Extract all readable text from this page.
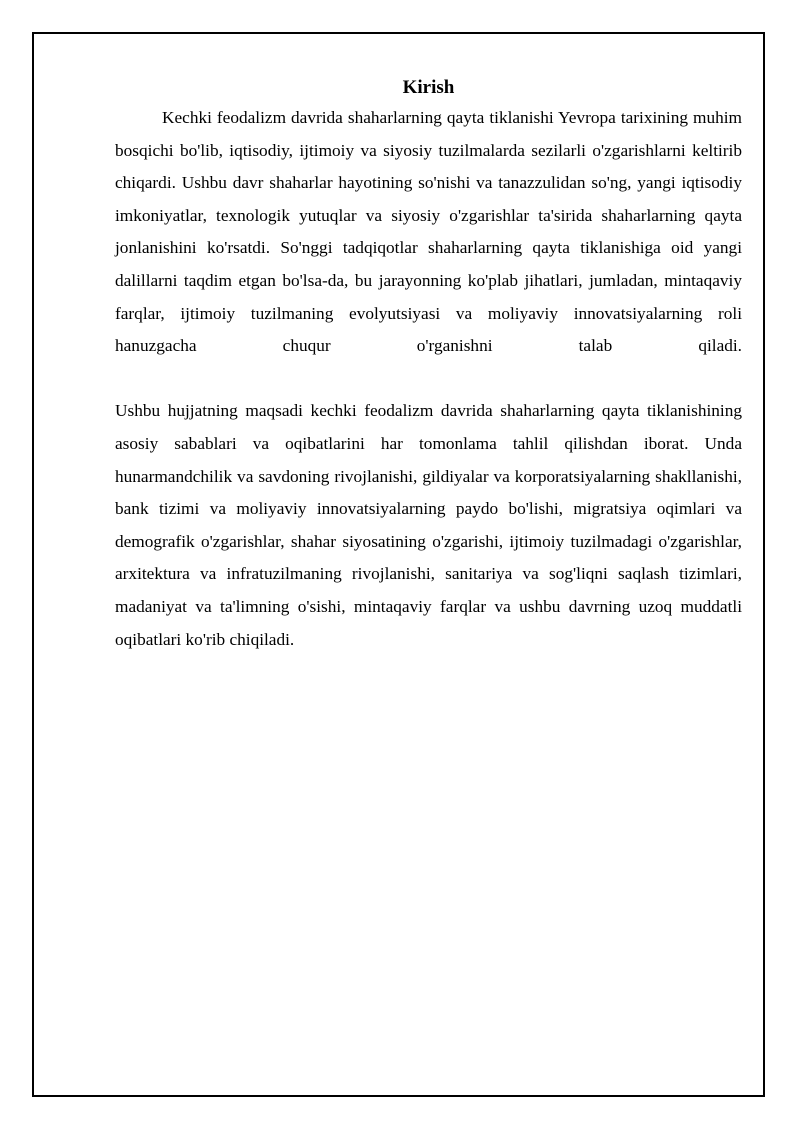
Kirish

Kechki feodalizm davrida shaharlarning qayta tiklanishi Yevropa tarixining muhim bosqichi bo'lib, iqtisodiy, ijtimoiy va siyosiy tuzilmalarda sezilarli o'zgarishlarni keltirib chiqardi. Ushbu davr shaharlar hayotining so'nishi va tanazzulidan so'ng, yangi iqtisodiy imkoniyatlar, texnologik yutuqlar va siyosiy o'zgarishlar ta'sirida shaharlarning qayta jonlanishini ko'rsatdi. So'nggi tadqiqotlar shaharlarning qayta tiklanishiga oid yangi dalillarni taqdim etgan bo'lsa-da, bu jarayonning ko'plab jihatlari, jumladan, mintaqaviy farqlar, ijtimoiy tuzilmaning evolyutsiyasi va moliyaviy innovatsiyalarning roli hanuzgacha chuqur o'rganishni talab qiladi.

Ushbu hujjatning maqsadi kechki feodalizm davrida shaharlarning qayta tiklanishining asosiy sabablari va oqibatlarini har tomonlama tahlil qilishdan iborat. Unda hunarmandchilik va savdoning rivojlanishi, gildiyalar va korporatsiyalarning shakllanishi, bank tizimi va moliyaviy innovatsiyalarning paydo bo'lishi, migratsiya oqimlari va demografik o'zgarishlar, shahar siyosatining o'zgarishi, ijtimoiy tuzilmadagi o'zgarishlar, arxitektura va infratuzilmaning rivojlanishi, sanitariya va sog'liqni saqlash tizimlari, madaniyat va ta'limning o'sishi, mintaqaviy farqlar va ushbu davrning uzoq muddatli oqibatlari ko'rib chiqiladi.
